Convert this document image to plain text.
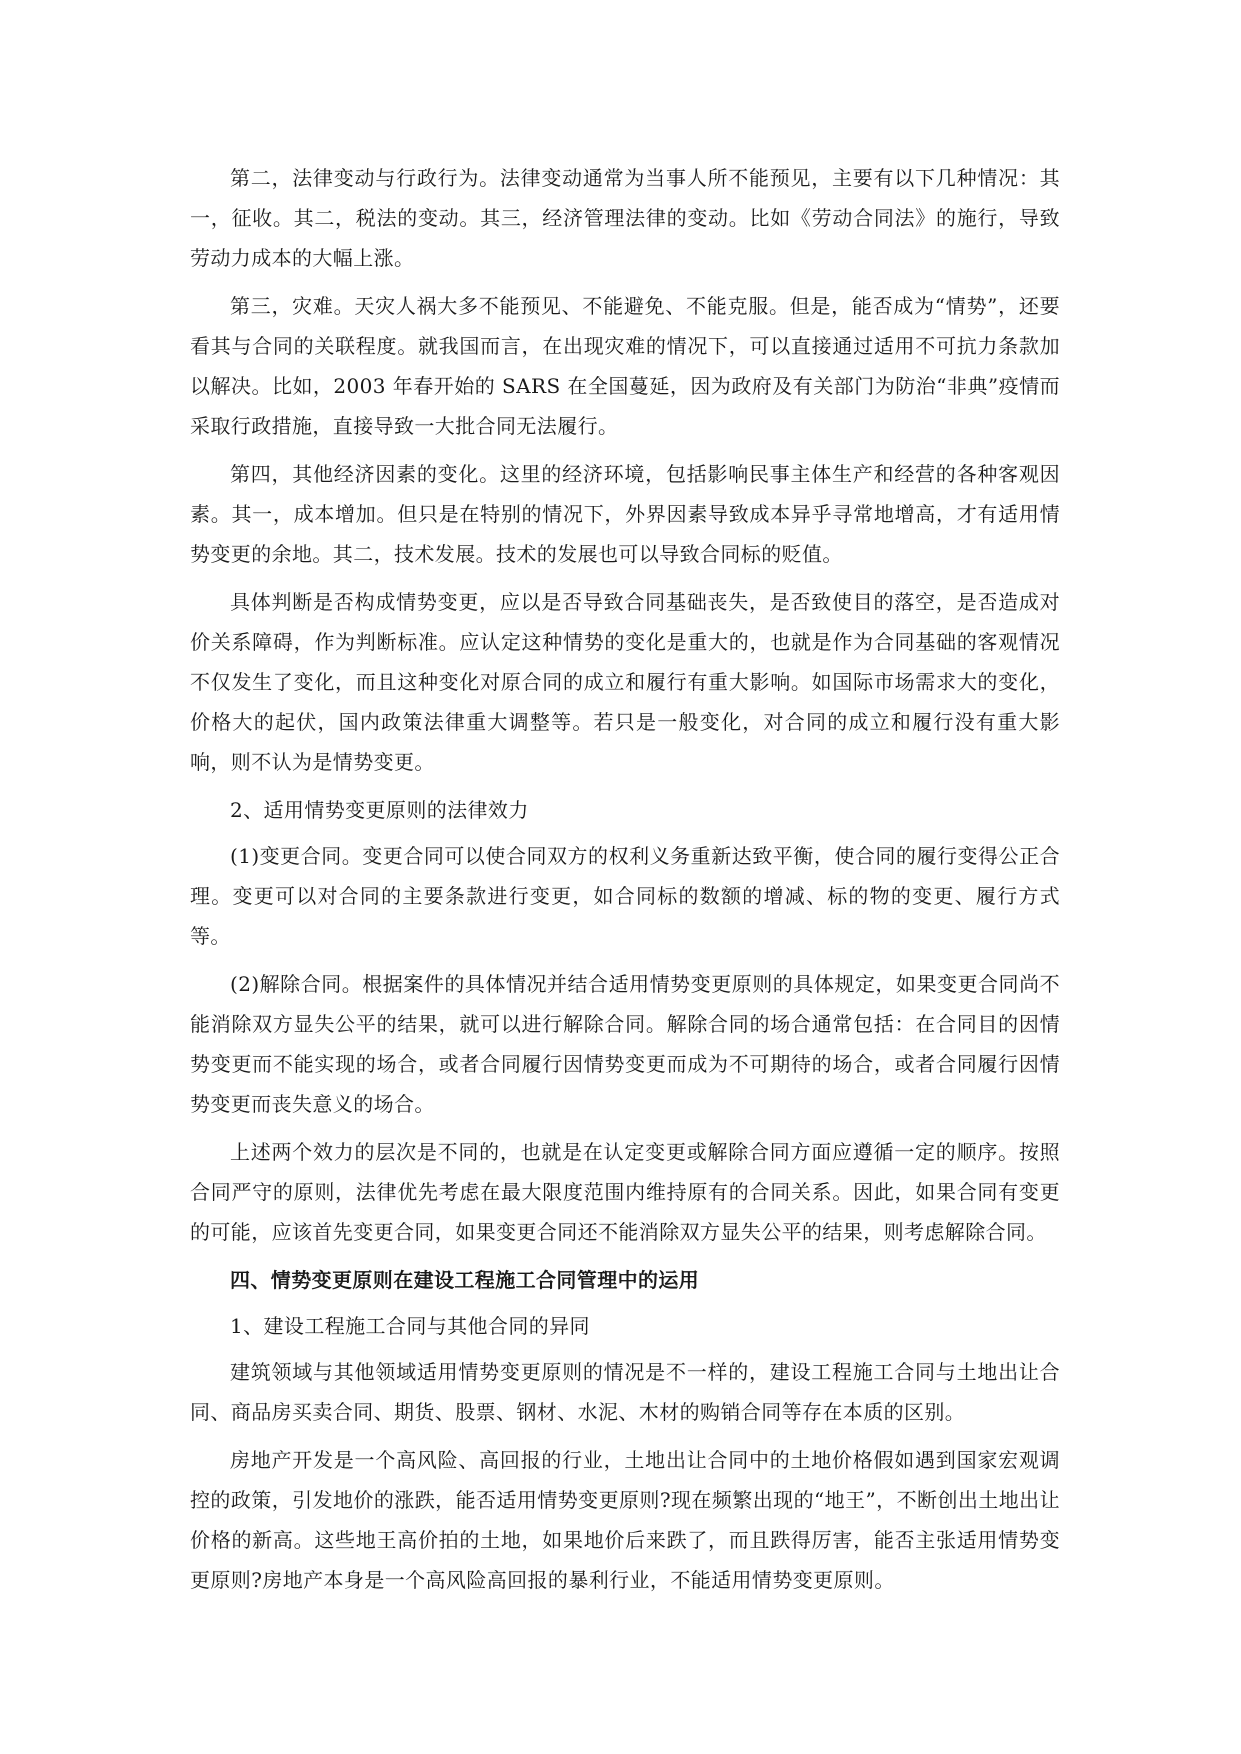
第二，法律变动与行政行为。法律变动通常为当事人所不能预见，主要有以下几种情况：其一，征收。其二，税法的变动。其三，经济管理法律的变动。比如《劳动合同法》的施行，导致劳动力成本的大幅上涨。

第三，灾难。天灾人祸大多不能预见、不能避免、不能克服。但是，能否成为“情势”，还要看其与合同的关联程度。就我国而言，在出现灾难的情况下，可以直接通过适用不可抗力条款加以解决。比如，2003 年春开始的 SARS 在全国蔓延，因为政府及有关部门为防治“非典”疫情而采取行政措施，直接导致一大批合同无法履行。

第四，其他经济因素的变化。这里的经济环境，包括影响民事主体生产和经营的各种客观因素。其一，成本增加。但只是在特别的情况下，外界因素导致成本异乎寻常地增高，才有适用情势变更的余地。其二，技术发展。技术的发展也可以导致合同标的贬值。

具体判断是否构成情势变更，应以是否导致合同基础丧失，是否致使目的落空，是否造成对价关系障碍，作为判断标准。应认定这种情势的变化是重大的，也就是作为合同基础的客观情况不仅发生了变化，而且这种变化对原合同的成立和履行有重大影响。如国际市场需求大的变化，价格大的起伏，国内政策法律重大调整等。若只是一般变化，对合同的成立和履行没有重大影响，则不认为是情势变更。

2、适用情势变更原则的法律效力

(1)变更合同。变更合同可以使合同双方的权利义务重新达致平衡，使合同的履行变得公正合理。变更可以对合同的主要条款进行变更，如合同标的数额的增减、标的物的变更、履行方式等。

(2)解除合同。根据案件的具体情况并结合适用情势变更原则的具体规定，如果变更合同尚不能消除双方显失公平的结果，就可以进行解除合同。解除合同的场合通常包括：在合同目的因情势变更而不能实现的场合，或者合同履行因情势变更而成为不可期待的场合，或者合同履行因情势变更而丧失意义的场合。

上述两个效力的层次是不同的，也就是在认定变更或解除合同方面应遵循一定的顺序。按照合同严守的原则，法律优先考虑在最大限度范围内维持原有的合同关系。因此，如果合同有变更的可能，应该首先变更合同，如果变更合同还不能消除双方显失公平的结果，则考虑解除合同。

四、情势变更原则在建设工程施工合同管理中的运用

1、建设工程施工合同与其他合同的异同

建筑领域与其他领域适用情势变更原则的情况是不一样的，建设工程施工合同与土地出让合同、商品房买卖合同、期货、股票、钢材、水泥、木材的购销合同等存在本质的区别。

房地产开发是一个高风险、高回报的行业，土地出让合同中的土地价格假如遇到国家宏观调控的政策，引发地价的涨跌，能否适用情势变更原则?现在频繁出现的“地王”，不断创出土地出让价格的新高。这些地王高价拍的土地，如果地价后来跌了，而且跌得厉害，能否主张适用情势变更原则?房地产本身是一个高风险高回报的暴利行业，不能适用情势变更原则。
